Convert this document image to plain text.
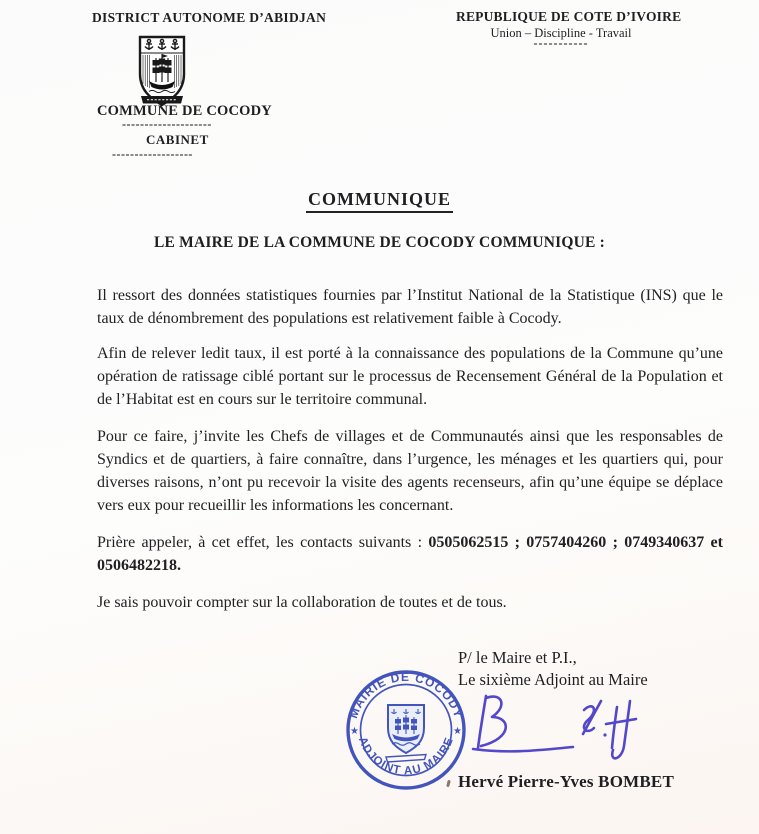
DISTRICT AUTONOME D’ABIDJAN
COMMUNE DE COCODY
--------------------
CABINET
------------------
REPUBLIQUE DE COTE D’IVOIRE
Union – Discipline - Travail
-----------
COMMUNIQUE
LE MAIRE DE LA COMMUNE DE COCODY COMMUNIQUE :

Il ressort des données statistiques fournies par l’Institut National de la Statistique (INS) que le taux de dénombrement des populations est relativement faible à Cocody.

Afin de relever ledit taux, il est porté à la connaissance des populations de la Commune qu’une opération de ratissage ciblé portant sur le processus de Recensement Général de la Population et de l’Habitat est en cours sur le territoire communal.

Pour ce faire, j’invite les Chefs de villages et de Communautés ainsi que les responsables de Syndics et de quartiers, à faire connaître, dans l’urgence, les ménages et les quartiers qui, pour diverses raisons, n’ont pu recevoir la visite des agents recenseurs, afin qu’une équipe se déplace vers eux pour recueillir les informations les concernant.

Prière appeler, à cet effet, les contacts suivants : 0505062515 ; 0757404260 ; 0749340637 et 0506482218.

Je sais pouvoir compter sur la collaboration de toutes et de tous.

P/ le Maire et P.I.,
Le sixième Adjoint au Maire
MAIRIE DE COCODY
ADJOINT AU MAIRE
★	★
Hervé Pierre-Yves BOMBET
